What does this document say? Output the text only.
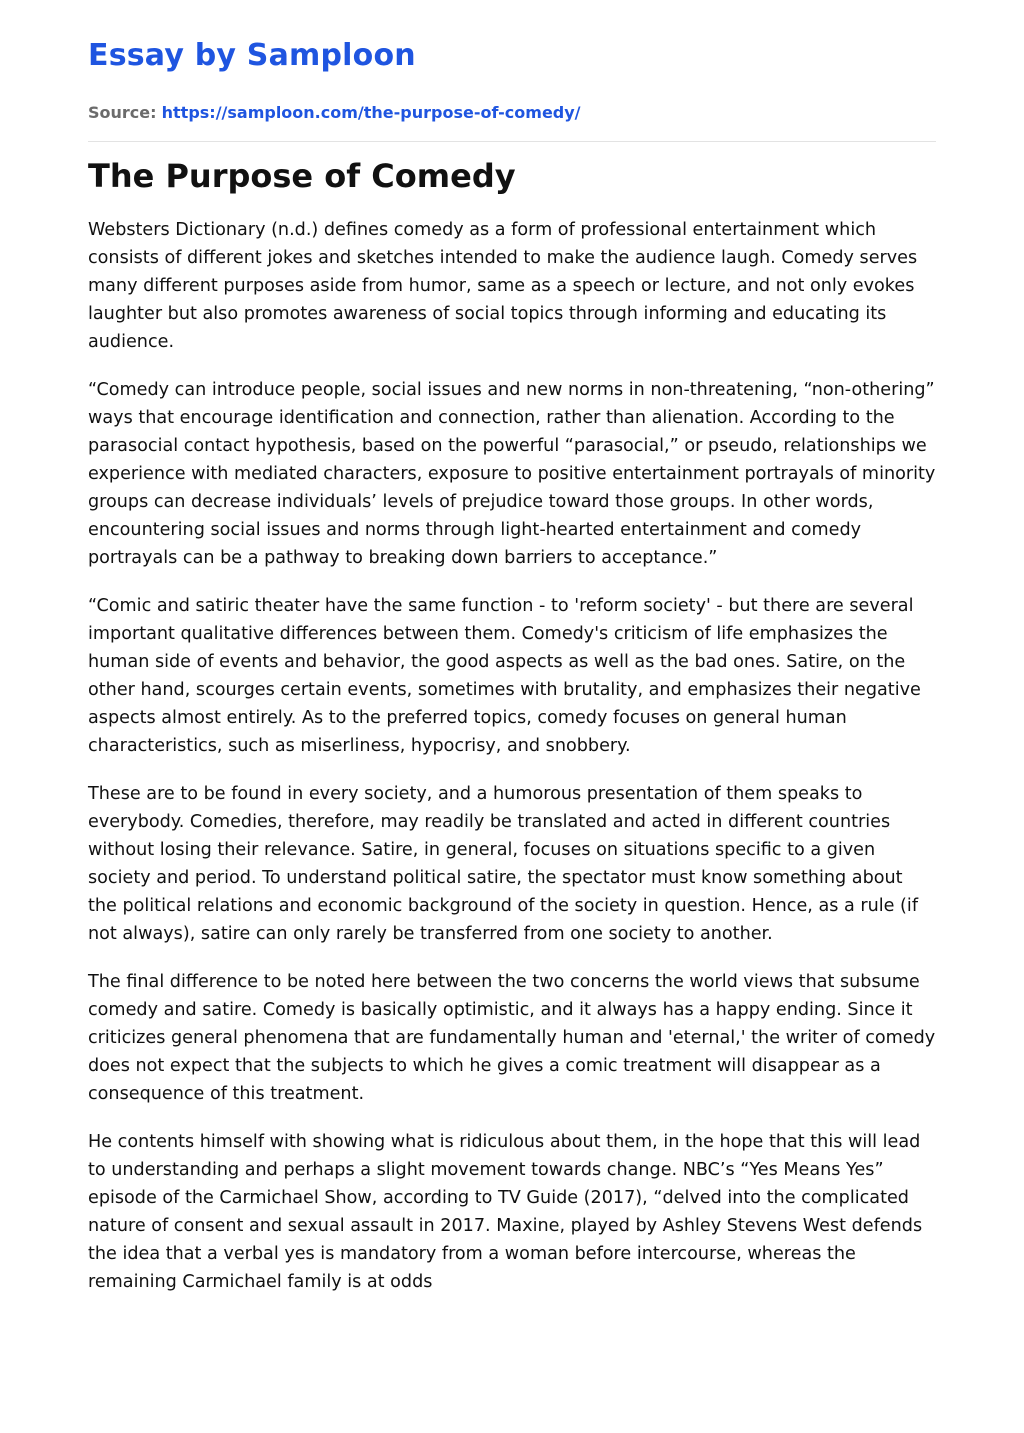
Essay by Samploon
Source: https://samploon.com/the-purpose-of-comedy/
The Purpose of Comedy

Websters Dictionary (n.d.) defines comedy as a form of professional entertainment which consists of different jokes and sketches intended to make the audience laugh. Comedy serves many different purposes aside from humor, same as a speech or lecture, and not only evokes laughter but also promotes awareness of social topics through informing and educating its audience.

“Comedy can introduce people, social issues and new norms in non-threatening, “non-othering” ways that encourage identification and connection, rather than alienation. According to the parasocial contact hypothesis, based on the powerful “parasocial,” or pseudo, relationships we experience with mediated characters, exposure to positive entertainment portrayals of minority groups can decrease individuals’ levels of prejudice toward those groups. In other words, encountering social issues and norms through light-hearted entertainment and comedy portrayals can be a pathway to breaking down barriers to acceptance.”

“Comic and satiric theater have the same function - to 'reform society' - but there are several important qualitative differences between them. Comedy's criticism of life emphasizes the human side of events and behavior, the good aspects as well as the bad ones. Satire, on the other hand, scourges certain events, sometimes with brutality, and emphasizes their negative aspects almost entirely. As to the preferred topics, comedy focuses on general human characteristics, such as miserliness, hypocrisy, and snobbery.

These are to be found in every society, and a humorous presentation of them speaks to everybody. Comedies, therefore, may readily be translated and acted in different countries without losing their relevance. Satire, in general, focuses on situations specific to a given society and period. To understand political satire, the spectator must know something about the political relations and economic background of the society in question. Hence, as a rule (if not always), satire can only rarely be transferred from one society to another.

The final difference to be noted here between the two concerns the world views that subsume comedy and satire. Comedy is basically optimistic, and it always has a happy ending. Since it criticizes general phenomena that are fundamentally human and 'eternal,' the writer of comedy does not expect that the subjects to which he gives a comic treatment will disappear as a consequence of this treatment.

He contents himself with showing what is ridiculous about them, in the hope that this will lead to understanding and perhaps a slight movement towards change. NBC’s “Yes Means Yes” episode of the Carmichael Show, according to TV Guide (2017), “delved into the complicated nature of consent and sexual assault in 2017. Maxine, played by Ashley Stevens West defends the idea that a verbal yes is mandatory from a woman before intercourse, whereas the remaining Carmichael family is at odds
